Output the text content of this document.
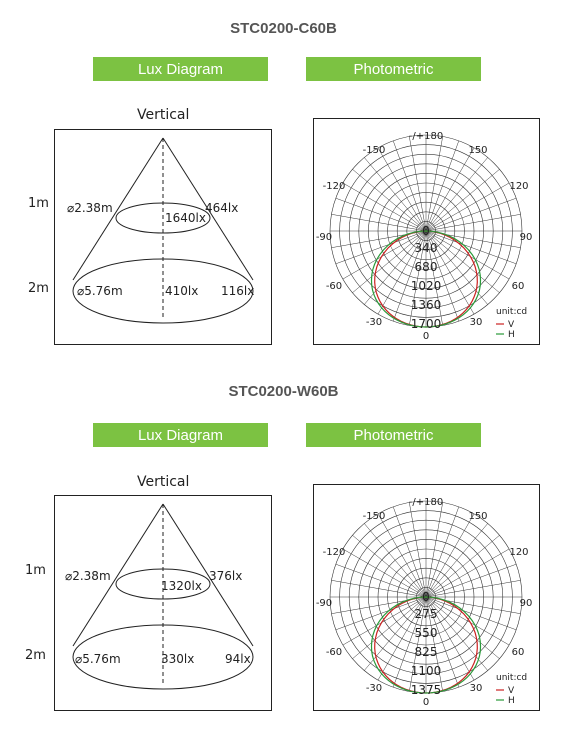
STC0200-C60B
Lux Diagram	Photometric
Vertical
1m
2m
⌀2.38m
1640lx
464lx
⌀5.76m	410lx 116lx
-/+180
-150	150
-120	120
-90	90
-60	60
-30	30
0
0
340
680
1020
1360
1700
unit:cd
V
H
STC0200-W60B
Lux Diagram	Photometric
Vertical
1m
2m
⌀2.38m
1320lx
376lx
⌀5.76m	330lx	94lx
-/+180
-150	150
-120	120
-90	90
-60	60
-30	30
0
0
275
550
825
1100
1375
unit:cd
V
H
